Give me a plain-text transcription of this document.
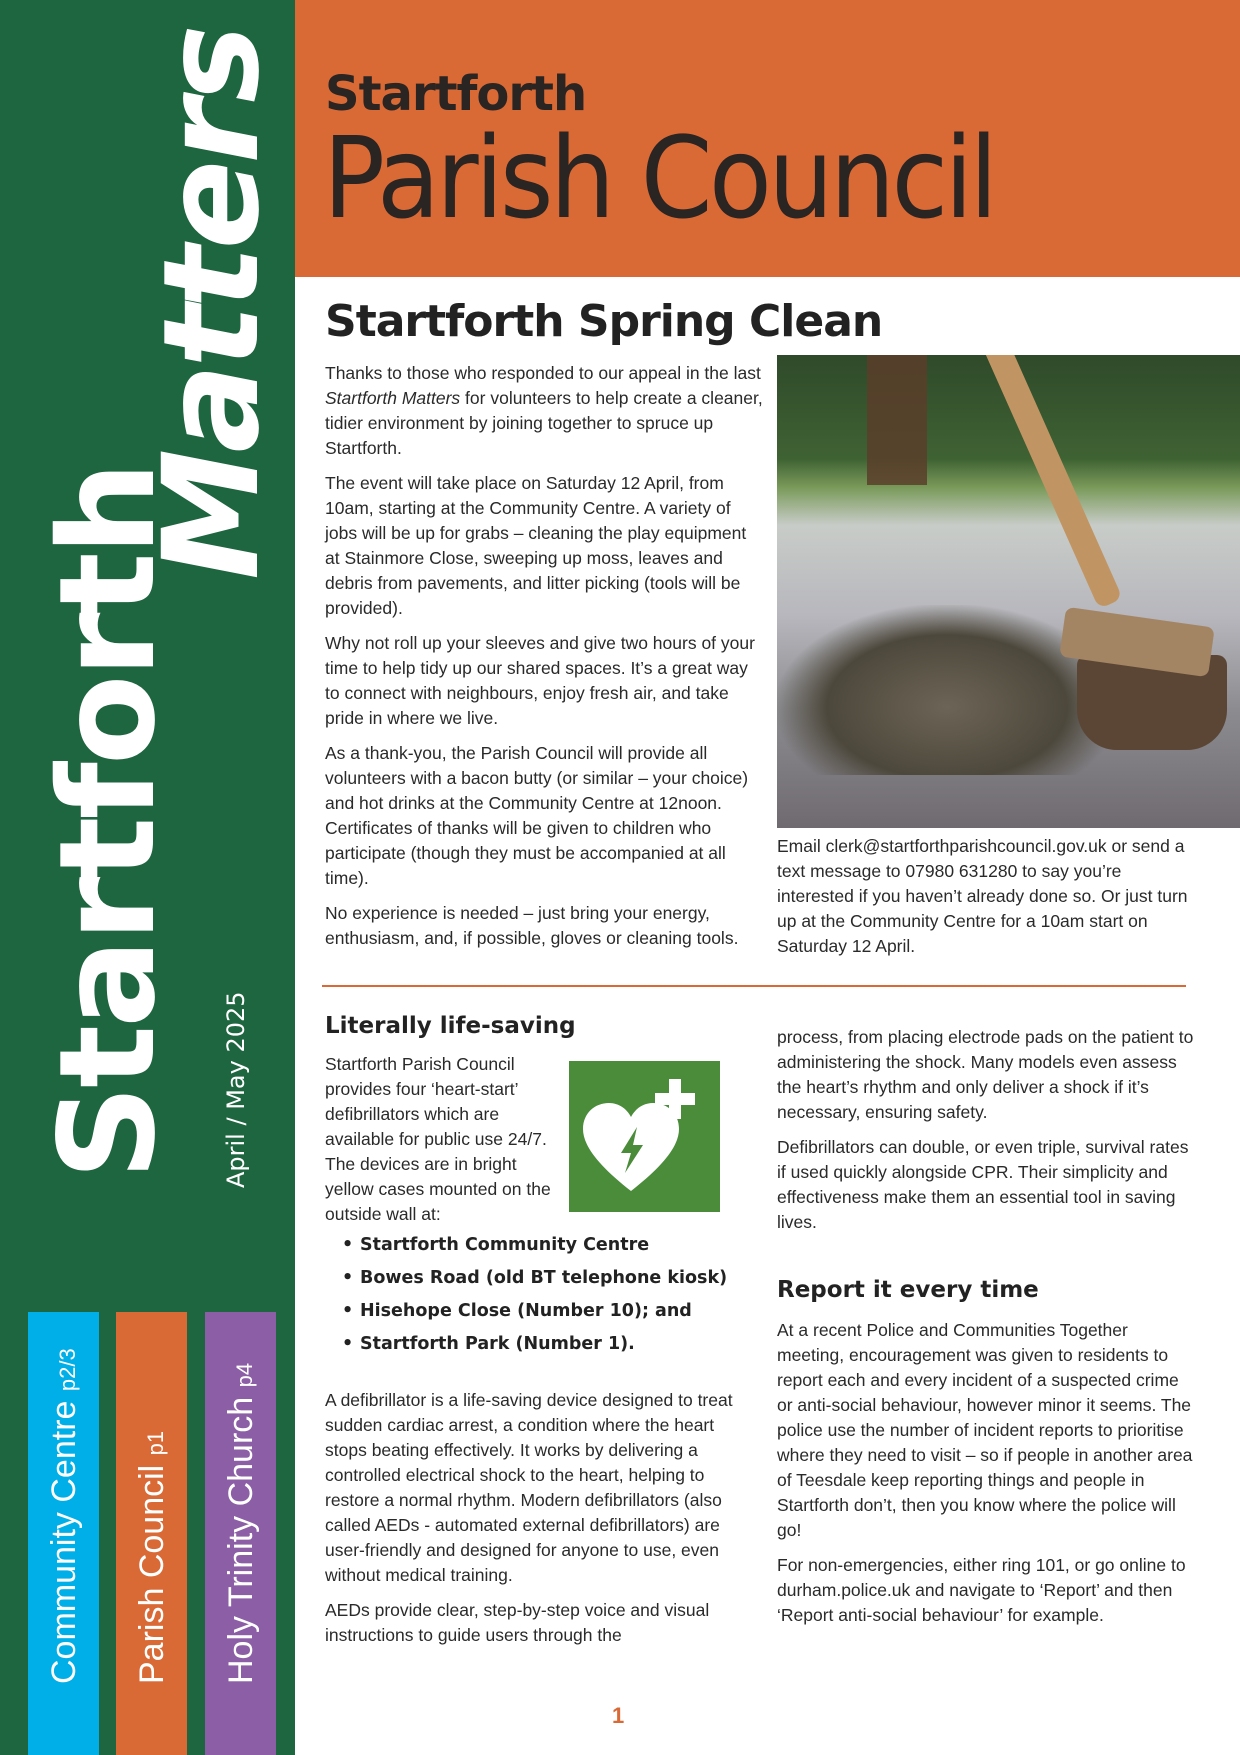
Startforth
Matters
April / May 2025
Community Centre p2/3
Parish Council p1 Holy Trinity Church p4
Startforth
Parish Council
Startforth Spring Clean

Thanks to those who responded to our appeal in the last Startforth Matters for volunteers to help create a cleaner, tidier environment by joining together to spruce up Startforth.

The event will take place on Saturday 12 April, from 10am, starting at the Community Centre. A variety of jobs will be up for grabs – cleaning the play equipment at Stainmore Close, sweeping up moss, leaves and debris from pavements, and litter picking (tools will be provided).

Why not roll up your sleeves and give two hours of your time to help tidy up our shared spaces. It’s a great way to connect with neighbours, enjoy fresh air, and take pride in where we live.

As a thank-you, the Parish Council will provide all volunteers with a bacon butty (or similar – your choice) and hot drinks at the Community Centre at 12noon. Certificates of thanks will be given to children who participate (though they must be accompanied at all time).

No experience is needed – just bring your energy, enthusiasm, and, if possible, gloves or cleaning tools.

Email clerk@startforthparishcouncil.gov.uk or send a text message to 07980 631280 to say you’re interested if you haven’t already done so. Or just turn up at the Community Centre for a 10am start on Saturday 12 April.

Literally life-saving

Startforth Parish Council provides four ‘heart-start’ defibrillators which are available for public use 24/7. The devices are in bright yellow cases mounted on the outside wall at:

• Startforth Community Centre
• Bowes Road (old BT telephone kiosk)
• Hisehope Close (Number 10); and
• Startforth Park (Number 1).

A defibrillator is a life-saving device designed to treat sudden cardiac arrest, a condition where the heart stops beating effectively. It works by delivering a controlled electrical shock to the heart, helping to restore a normal rhythm. Modern defibrillators (also called AEDs - automated external defibrillators) are user-friendly and designed for anyone to use, even without medical training.

AEDs provide clear, step-by-step voice and visual instructions to guide users through the

process, from placing electrode pads on the patient to administering the shock. Many models even assess the heart’s rhythm and only deliver a shock if it’s necessary, ensuring safety.

Defibrillators can double, or even triple, survival rates if used quickly alongside CPR. Their simplicity and effectiveness make them an essential tool in saving lives.

Report it every time

At a recent Police and Communities Together meeting, encouragement was given to residents to report each and every incident of a suspected crime or anti-social behaviour, however minor it seems. The police use the number of incident reports to prioritise where they need to visit – so if people in another area of Teesdale keep reporting things and people in Startforth don’t, then you know where the police will go!

For non-emergencies, either ring 101, or go online to durham.police.uk and navigate to ‘Report’ and then ‘Report anti-social behaviour’ for example.

1
